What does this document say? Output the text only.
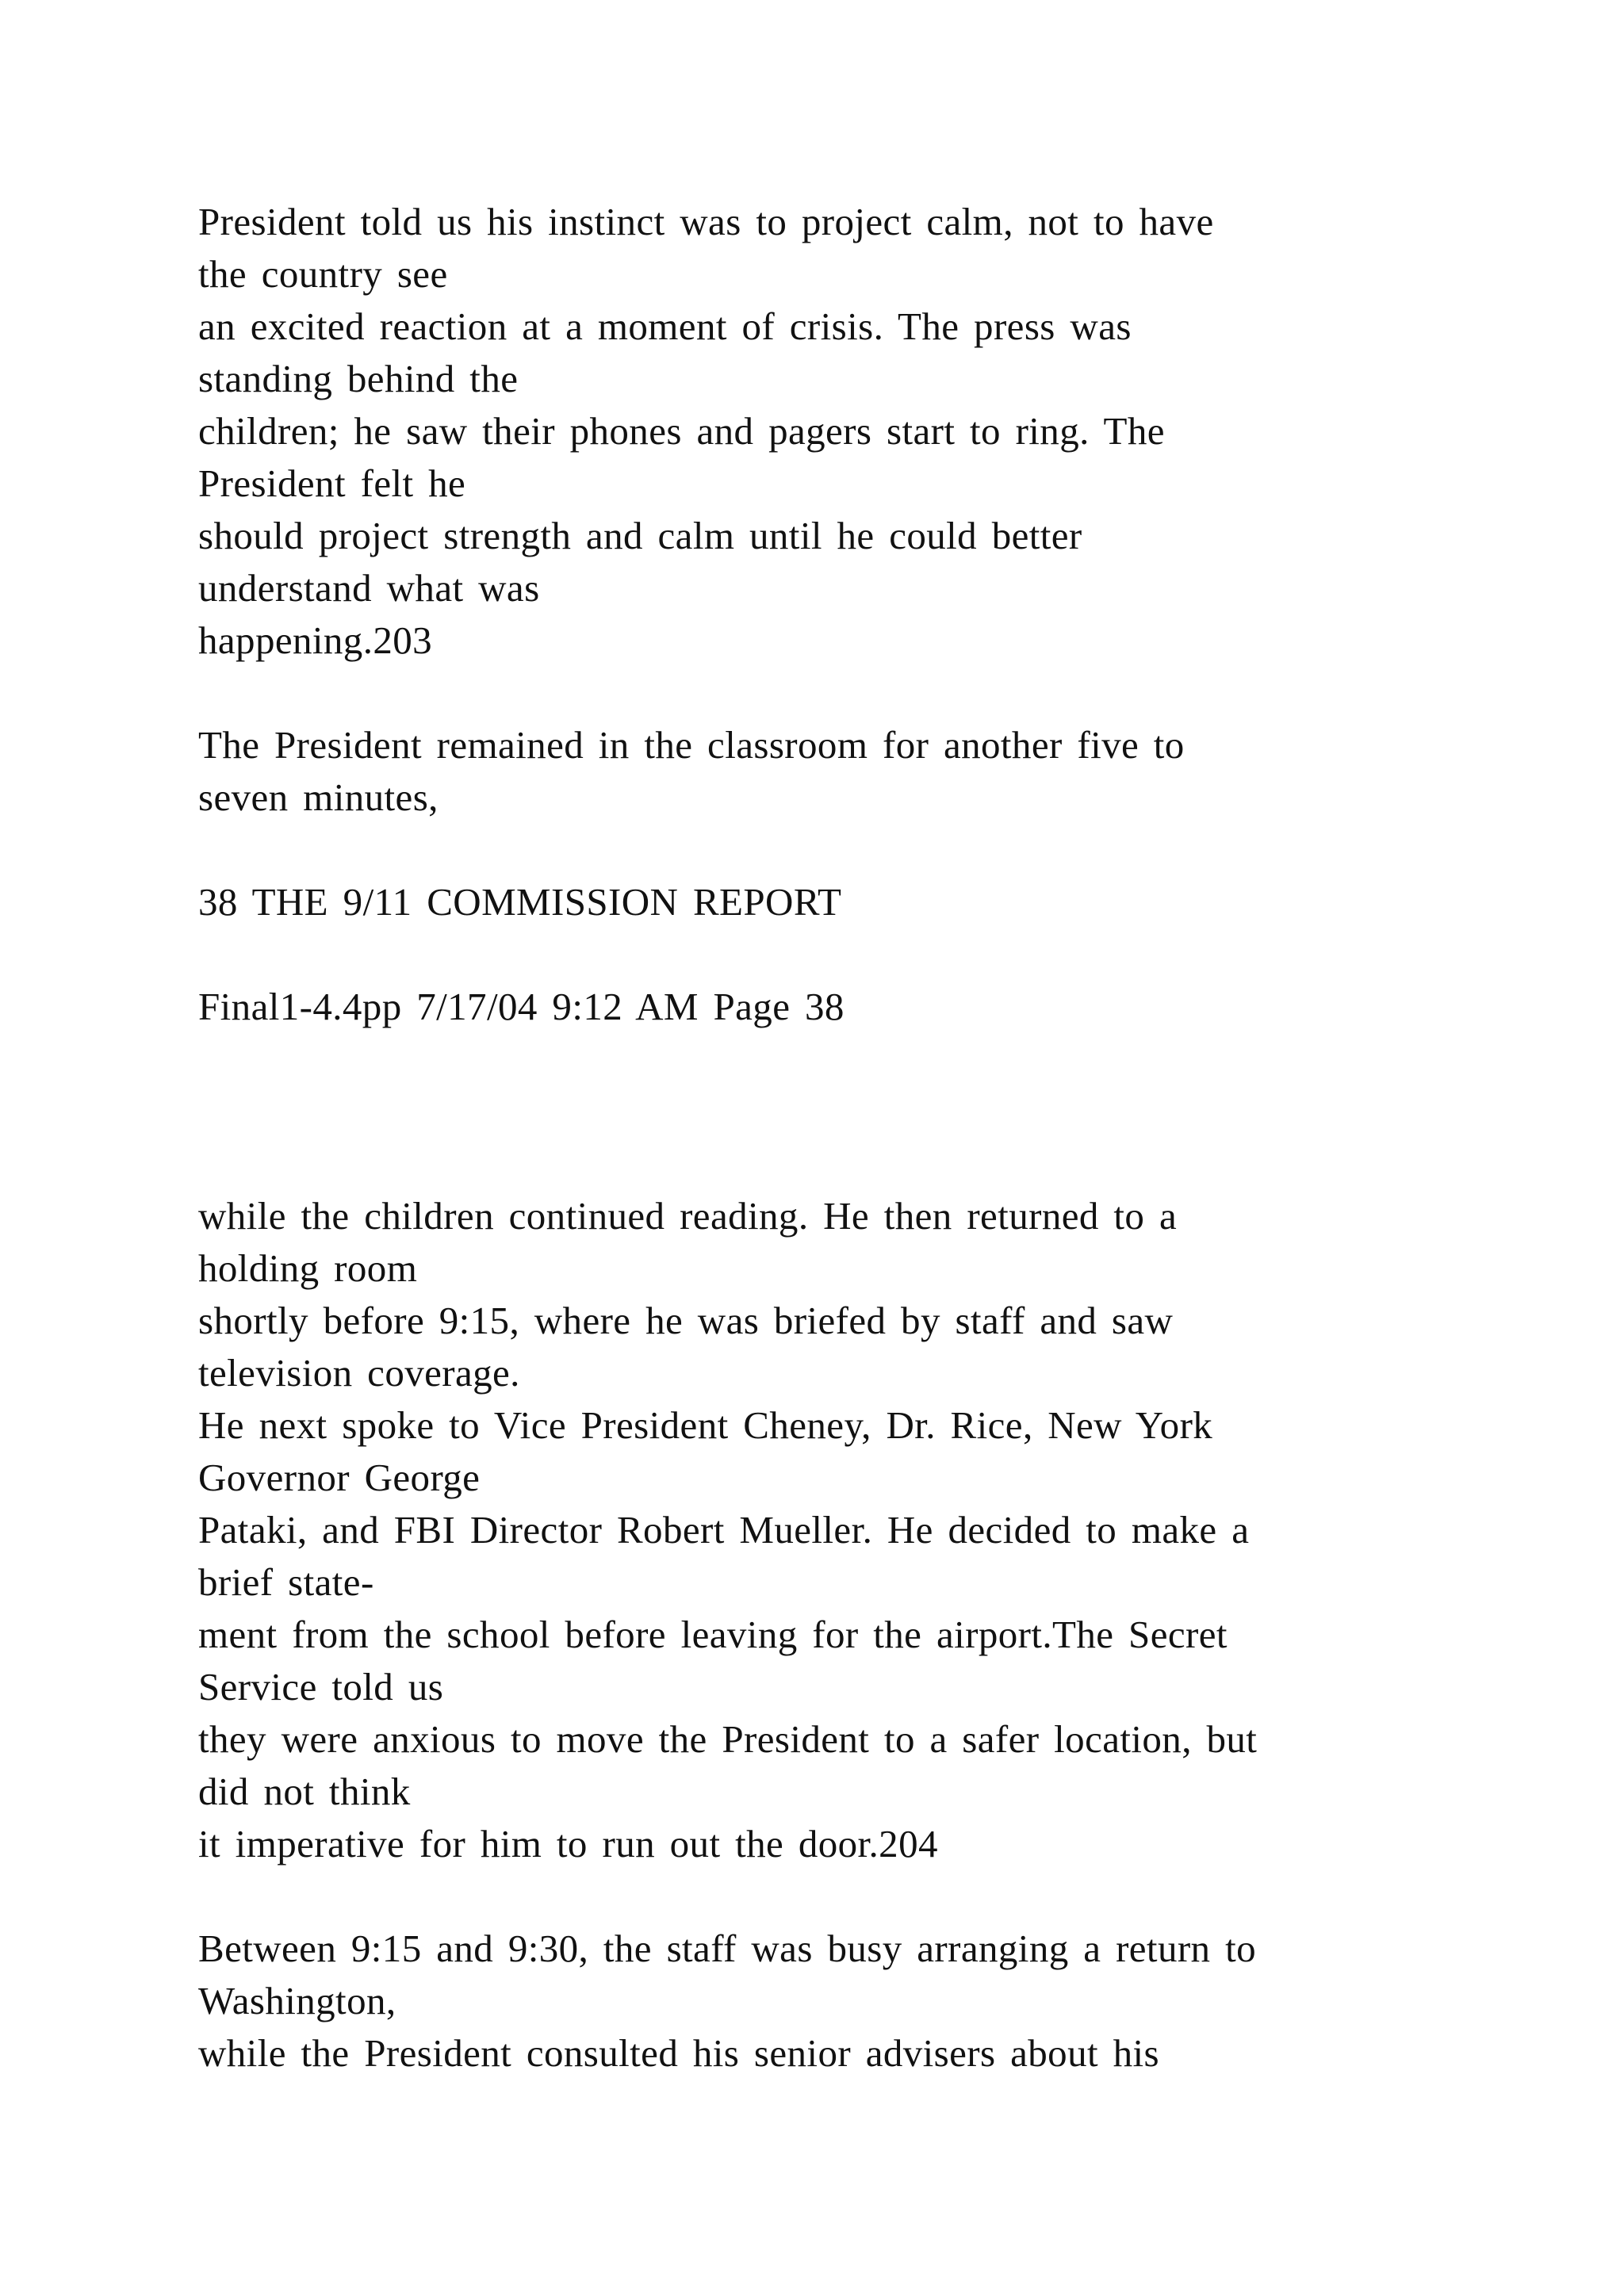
President told us his instinct was to project calm, not to have
the country see
an excited reaction at a moment of crisis. The press was
standing behind the
children; he saw their phones and pagers start to ring. The
President felt he
should project strength and calm until he could better
understand what was
happening.203
The President remained in the classroom for another five to
seven minutes,
38 THE 9/11 COMMISSION REPORT
Final1-4.4pp 7/17/04 9:12 AM Page 38
while the children continued reading. He then returned to a
holding room
shortly before 9:15, where he was briefed by staff and saw
television coverage.
He next spoke to Vice President Cheney, Dr. Rice, New York
Governor George
Pataki, and FBI Director Robert Mueller. He decided to make a
brief state-
ment from the school before leaving for the airport.The Secret
Service told us
they were anxious to move the President to a safer location, but
did not think
it imperative for him to run out the door.204
Between 9:15 and 9:30, the staff was busy arranging a return to
Washington,
while the President consulted his senior advisers about his
